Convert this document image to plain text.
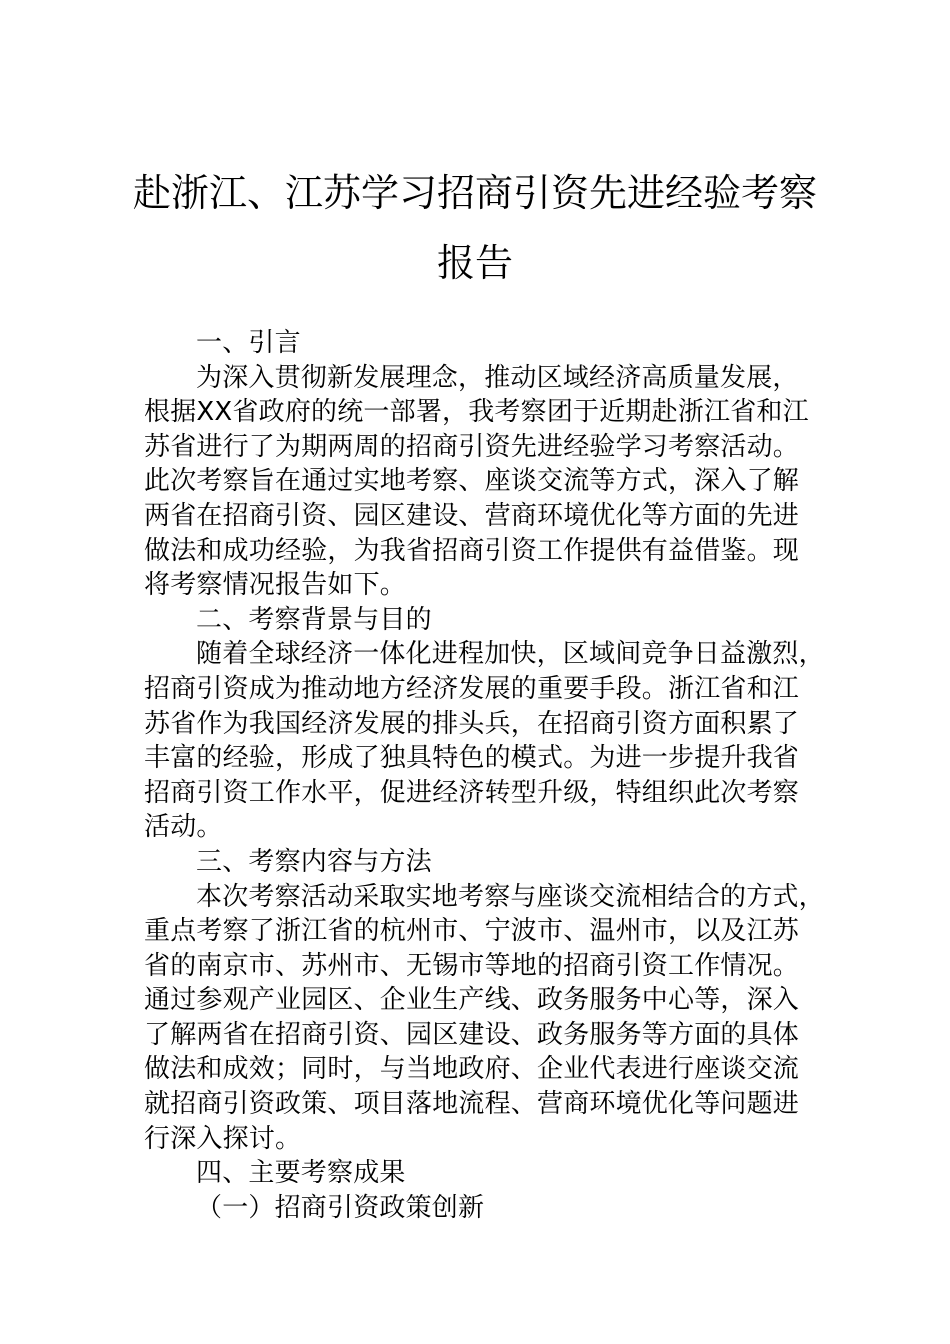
赴浙江、江苏学习招商引资先进经验考察
报告
一、引言
为深入贯彻新发展理念，推动区域经济高质量发展，
根据XX省政府的统一部署，我考察团于近期赴浙江省和江
苏省进行了为期两周的招商引资先进经验学习考察活动。
此次考察旨在通过实地考察、座谈交流等方式，深入了解
两省在招商引资、园区建设、营商环境优化等方面的先进
做法和成功经验，为我省招商引资工作提供有益借鉴。现
将考察情况报告如下。
二、考察背景与目的
随着全球经济一体化进程加快，区域间竞争日益激烈，
招商引资成为推动地方经济发展的重要手段。浙江省和江
苏省作为我国经济发展的排头兵，在招商引资方面积累了
丰富的经验，形成了独具特色的模式。为进一步提升我省
招商引资工作水平，促进经济转型升级，特组织此次考察
活动。
三、考察内容与方法
本次考察活动采取实地考察与座谈交流相结合的方式，
重点考察了浙江省的杭州市、宁波市、温州市，以及江苏
省的南京市、苏州市、无锡市等地的招商引资工作情况。
通过参观产业园区、企业生产线、政务服务中心等，深入
了解两省在招商引资、园区建设、政务服务等方面的具体
做法和成效；同时，与当地政府、企业代表进行座谈交流
就招商引资政策、项目落地流程、营商环境优化等问题进
行深入探讨。
四、主要考察成果
（一）招商引资政策创新
